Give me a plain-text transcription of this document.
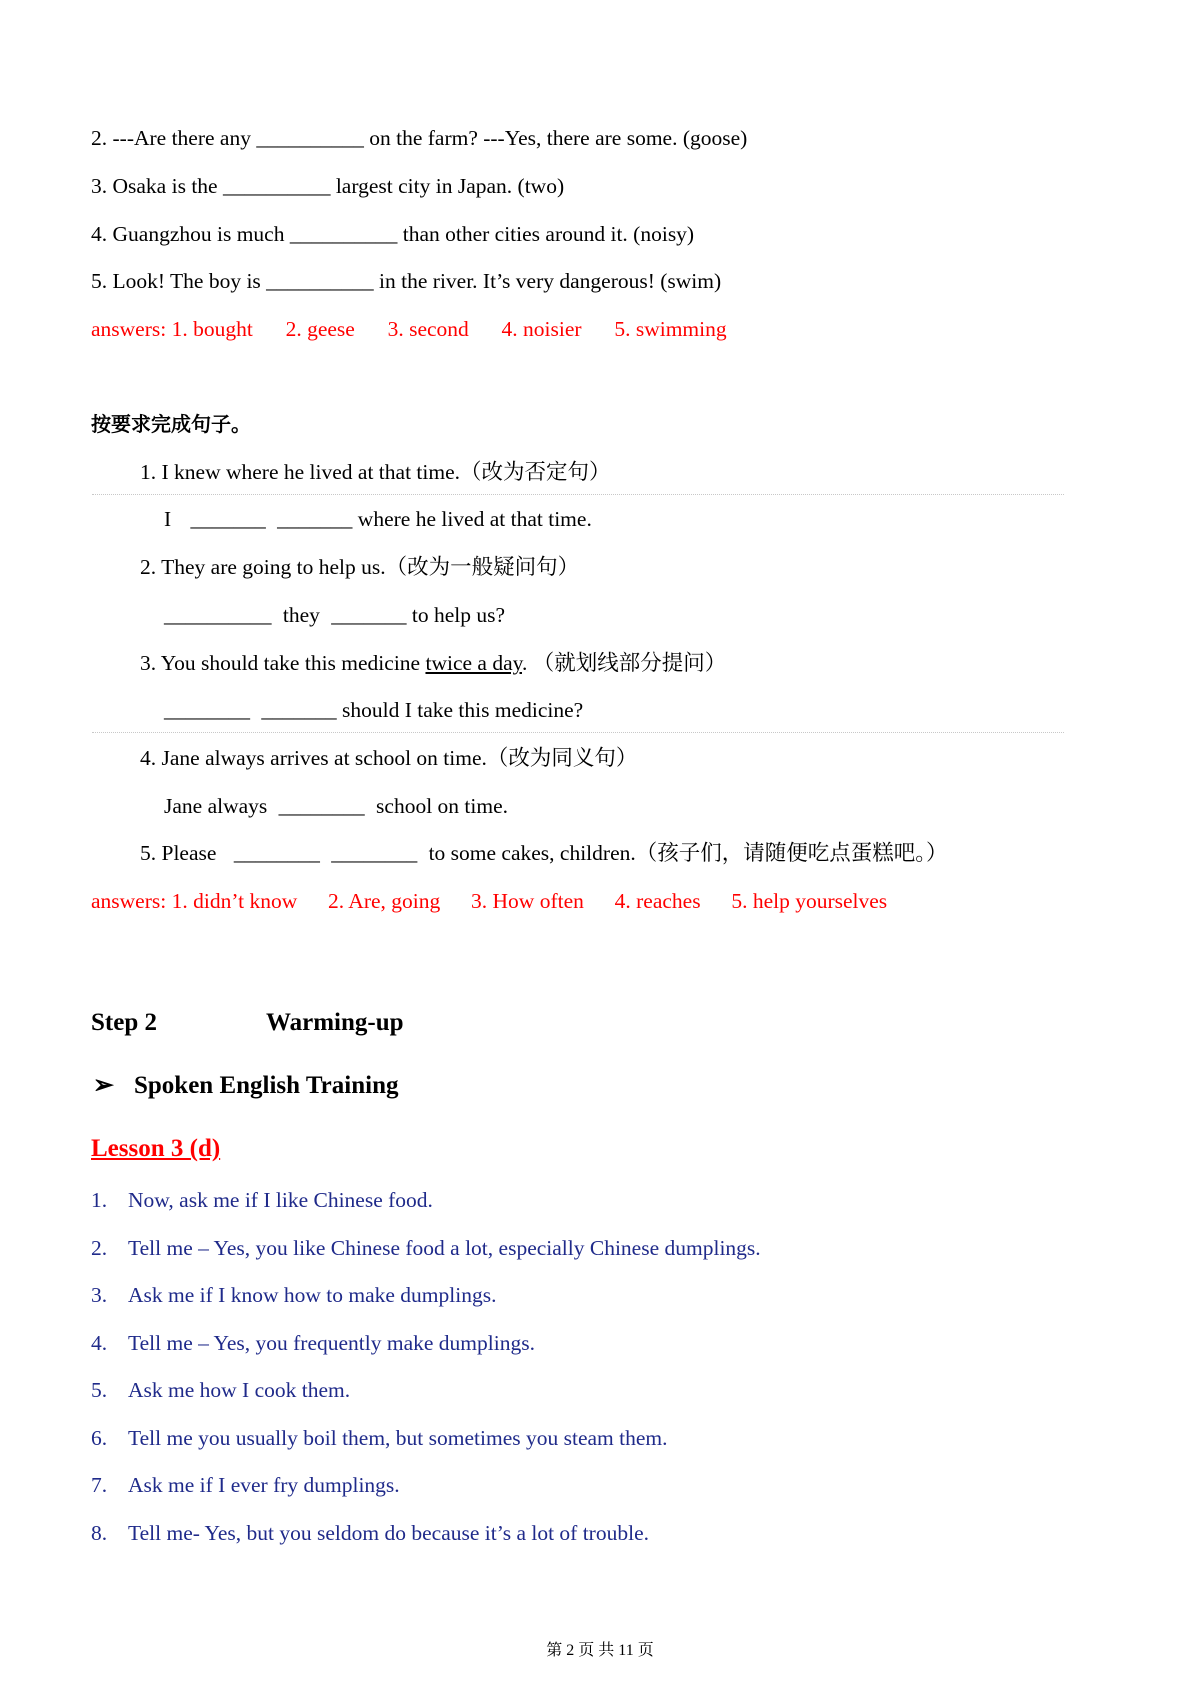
2. ---Are there any __________ on the farm? ---Yes, there are some. (goose)
3. Osaka is the __________ largest city in Japan. (two)
4. Guangzhou is much __________ than other cities around it. (noisy)
5. Look! The boy is __________ in the river. It’s very dangerous! (swim)
answers: 1. bought 2. geese 3. second 4. noisier 5. swimming
按要求完成句子。
1. I knew where he lived at that time.（改为否定句）
I _______ _______ where he lived at that time.
2. They are going to help us.（改为一般疑问句）
__________ they _______ to help us?
3. You should take this medicine twice a day. （就划线部分提问）
________ _______ should I take this medicine?
4. Jane always arrives at school on time.（改为同义句）
Jane always ________ school on time.
5. Please ________ ________ to some cakes, children.（孩子们，请随便吃点蛋糕吧。）
answers: 1. didn’t know 2. Are, going 3. How often 4. reaches 5. help yourselves
Step 2	Warming-up
➢ Spoken English Training
Lesson 3 (d)
1. Now, ask me if I like Chinese food.
2. Tell me – Yes, you like Chinese food a lot, especially Chinese dumplings.
3. Ask me if I know how to make dumplings.
4. Tell me – Yes, you frequently make dumplings.
5. Ask me how I cook them.
6. Tell me you usually boil them, but sometimes you steam them.
7. Ask me if I ever fry dumplings.
8. Tell me- Yes, but you seldom do because it’s a lot of trouble.
第 2 页 共 11 页
